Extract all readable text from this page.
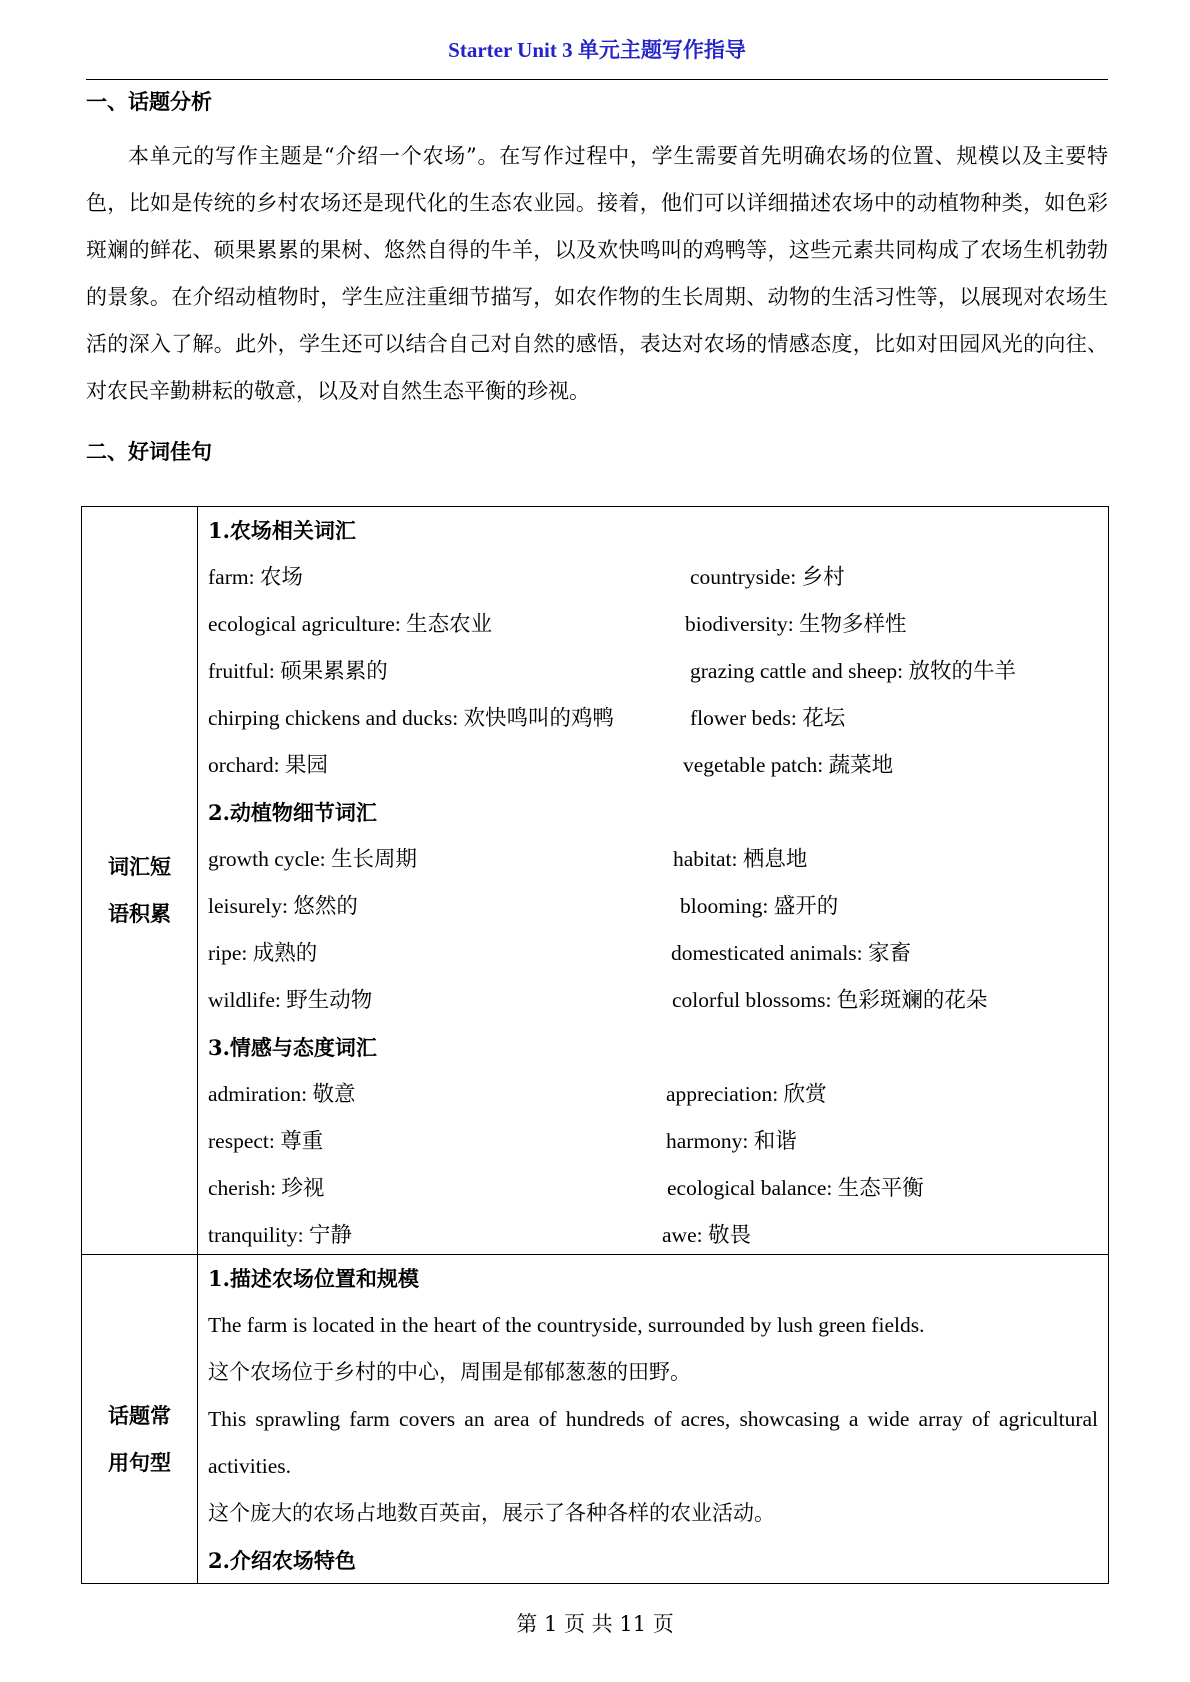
Starter Unit 3 单元主题写作指导
一、话题分析

本单元的写作主题是“介绍一个农场”。在写作过程中，学生需要首先明确农场的位置、规模以及主要特色，比如是传统的乡村农场还是现代化的生态农业园。接着，他们可以详细描述农场中的动植物种类，如色彩斑斓的鲜花、硕果累累的果树、悠然自得的牛羊，以及欢快鸣叫的鸡鸭等，这些元素共同构成了农场生机勃勃的景象。在介绍动植物时，学生应注重细节描写，如农作物的生长周期、动物的生活习性等，以展现对农场生活的深入了解。此外，学生还可以结合自己对自然的感悟，表达对农场的情感态度，比如对田园风光的向往、对农民辛勤耕耘的敬意，以及对自然生态平衡的珍视。

二、好词佳句
词汇短
语积累
1.农场相关词汇
farm: 农场	countryside: 乡村
ecological agriculture: 生态农业	biodiversity: 生物多样性
fruitful: 硕果累累的	grazing cattle and sheep: 放牧的牛羊
chirping chickens and ducks: 欢快鸣叫的鸡鸭	flower beds: 花坛
orchard: 果园	vegetable patch: 蔬菜地
2.动植物细节词汇
growth cycle: 生长周期	habitat: 栖息地
leisurely: 悠然的	blooming: 盛开的
ripe: 成熟的	domesticated animals: 家畜
wildlife: 野生动物	colorful blossoms: 色彩斑斓的花朵
3.情感与态度词汇
admiration: 敬意	appreciation: 欣赏
respect: 尊重	harmony: 和谐
cherish: 珍视	ecological balance: 生态平衡
tranquility: 宁静	awe: 敬畏
话题常
用句型
1.描述农场位置和规模

The farm is located in the heart of the countryside, surrounded by lush green fields.

这个农场位于乡村的中心，周围是郁郁葱葱的田野。

This sprawling farm covers an area of hundreds of acres, showcasing a wide array of agricultural activities.

这个庞大的农场占地数百英亩，展示了各种各样的农业活动。

2.介绍农场特色
第 1 页 共 11 页
